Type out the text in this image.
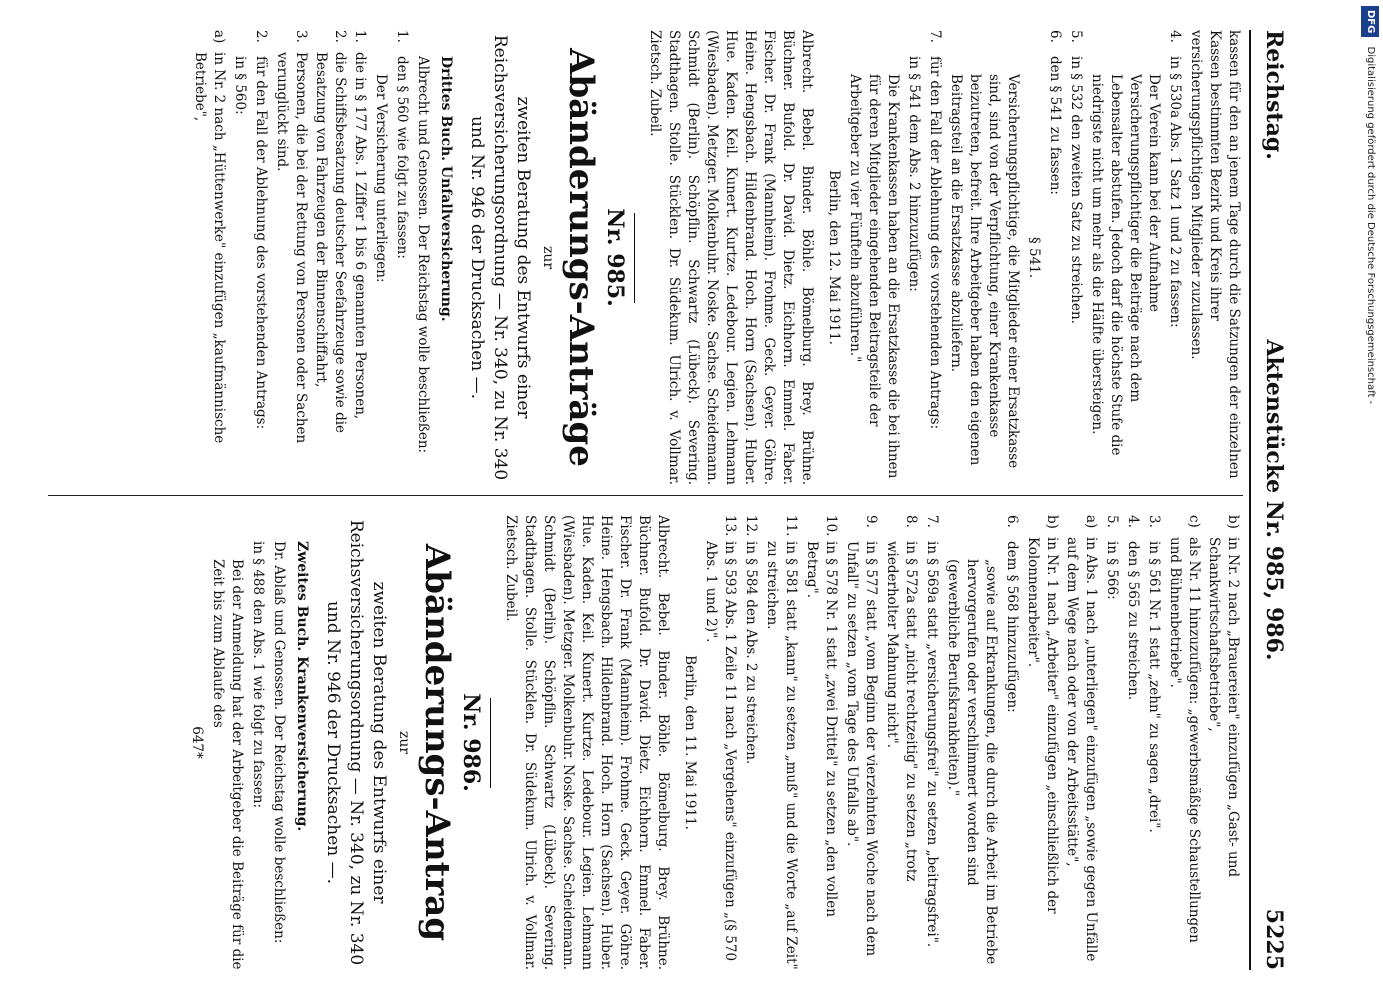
Reichstag.
Aktenstücke Nr. 985, 986.
5225
kassen für den an jenem Tage durch die Satzungen der einzelnen Kassen bestimmten Bezirk und Kreis ihrer versicherungspflichtigen Mitglieder zuzulassen.
4.
in § 530a Abs. 1 Satz 1 und 2 zu fassen:
Der Verein kann bei der Aufnahme Versicherungspflichtiger die Beiträge nach dem Lebensalter abstufen. Jedoch darf die höchste Stufe die niedrigste nicht um mehr als die Hälfte übersteigen.
5.
in § 532 den zweiten Satz zu streichen.
6.
den § 541 zu fassen:
§ 541.
Versicherungspflichtige, die Mitglieder einer Ersatzkasse sind, sind von der Verpflichtung, einer Krankenkasse beizutreten, befreit. Ihre Arbeitgeber haben den eigenen Beitragsteil an die Ersatzkasse abzuliefern.
7.
für den Fall der Ablehnung des vorstehenden Antrags:
in § 541 dem Abs. 2 hinzuzufügen:
Die Krankenkassen haben an die Ersatzkasse die bei ihnen für deren Mitglieder eingehenden Beitragsteile der Arbeitgeber zu vier Fünfteln abzuführen."
Berlin, den 12. Mai 1911.
Albrecht. Bebel. Binder. Böhle. Bömelburg. Brey. Brühne. Büchner. Bufold. Dr. David. Dietz. Eichhorn. Emmel. Faber. Fischer. Dr. Frank (Mannheim). Frohme. Geck. Geyer. Göhre. Heine. Hengsbach. Hildenbrand. Hoch. Horn (Sachsen). Huber. Hue. Kaden. Keil. Kunert. Kurtze. Ledebour. Legien. Lehmann (Wiesbaden). Metzger. Molkenbuhr. Noske. Sachse. Scheidemann. Schmidt (Berlin). Schöpflin. Schwartz (Lübeck). Severing. Stadthagen. Stolle. Stücklen. Dr. Südekum. Ulrich. v. Vollmar. Zietsch. Zubeil.
Nr. 985.
Abänderungs-Anträge
zur
zweiten Beratung des Entwurfs einer Reichsversicherungsordnung — Nr. 340, zu Nr. 340 und Nr. 946 der Drucksachen —.
Drittes Buch. Unfallversicherung.
Albrecht und Genossen. Der Reichstag wolle beschließen:
1.
den § 560 wie folgt zu fassen:
Der Versicherung unterliegen:
1.
die in § 177 Abs. 1 Ziffer 1 bis 6 genannten Personen,
2.
die Schiffsbesatzung deutscher Seefahrzeuge sowie die Besatzung von Fahrzeugen der Binnenschiffahrt,
3.
Personen, die bei der Rettung von Personen oder Sachen verunglückt sind.
2.
für den Fall der Ablehnung des vorstehenden Antrags:
in § 560:
a)
in Nr. 2 nach „Hüttenwerke" einzufügen „kaufmännische Betriebe",
b)
in Nr. 2 nach „Brauereien" einzufügen „Gast- und Schankwirtschaftsbetriebe",
c)
als Nr. 11 hinzuzufügen: „gewerbsmäßige Schaustellungen und Bühnenbetriebe".
3.
in § 561 Nr. 1 statt „zehn" zu sagen „drei".
4.
den § 565 zu streichen.
5.
in § 566:
a)
in Abs. 1 nach „unterliegen" einzufügen „sowie gegen Unfälle auf dem Wege nach oder von der Arbeitsstätte",
b)
in Nr. 1 nach „Arbeiter" einzufügen „einschließlich der Kolonnenarbeiter".
6.
dem § 568 hinzuzufügen:
„sowie auf Erkrankungen, die durch die Arbeit im Betriebe hervorgerufen oder verschlimmert worden sind (gewerbliche Berufskrankheiten)."
7.
in § 569a statt „versicherungsfrei" zu setzen „beitragsfrei".
8.
in § 572a statt „nicht rechtzeitig" zu setzen „trotz wiederholter Mahnung nicht".
9.
in § 577 statt „vom Beginn der vierzehnten Woche nach dem Unfall" zu setzen „vom Tage des Unfalls ab".
10.
in § 578 Nr. 1 statt „zwei Drittel" zu setzen „den vollen Betrag".
11.
in § 581 statt „kann" zu setzen „muß" und die Worte „auf Zeit" zu streichen.
12.
in § 584 den Abs. 2 zu streichen.
13.
in § 593 Abs. 1 Zeile 11 nach „Vergehens" einzufügen „(§ 570 Abs. 1 und 2)".
Berlin, den 11. Mai 1911.
Albrecht. Bebel. Binder. Böhle. Bömelburg. Brey. Brühne. Büchner. Bufold. Dr. David. Dietz. Eichhorn. Emmel. Faber. Fischer. Dr. Frank (Mannheim). Frohme. Geck. Geyer. Göhre. Heine. Hengsbach. Hildenbrand. Hoch. Horn (Sachsen). Huber. Hue. Kaden. Keil. Kunert. Kurtze. Ledebour. Legien. Lehmann (Wiesbaden). Metzger. Molkenbuhr. Noske. Sachse. Scheidemann. Schmidt (Berlin). Schöpflin. Schwartz (Lübeck). Severing. Stadthagen. Stolle. Stücklen. Dr. Südekum. Ulrich. v. Vollmar. Zietsch. Zubeil.
Nr. 986.
Abänderungs-Antrag
zur
zweiten Beratung des Entwurfs einer Reichsversicherungsordnung — Nr. 340, zu Nr. 340 und Nr. 946 der Drucksachen —.
Zweites Buch. Krankenversicherung.
Dr. Ablaß und Genossen. Der Reichstag wolle beschließen:
in § 488 den Abs. 1 wie folgt zu fassen:
Bei der Anmeldung hat der Arbeitgeber die Beiträge für die Zeit bis zum Ablaufe des
647*
DFG Digitalisierung gefördert durch die Deutsche Forschungsgemeinschaft -
